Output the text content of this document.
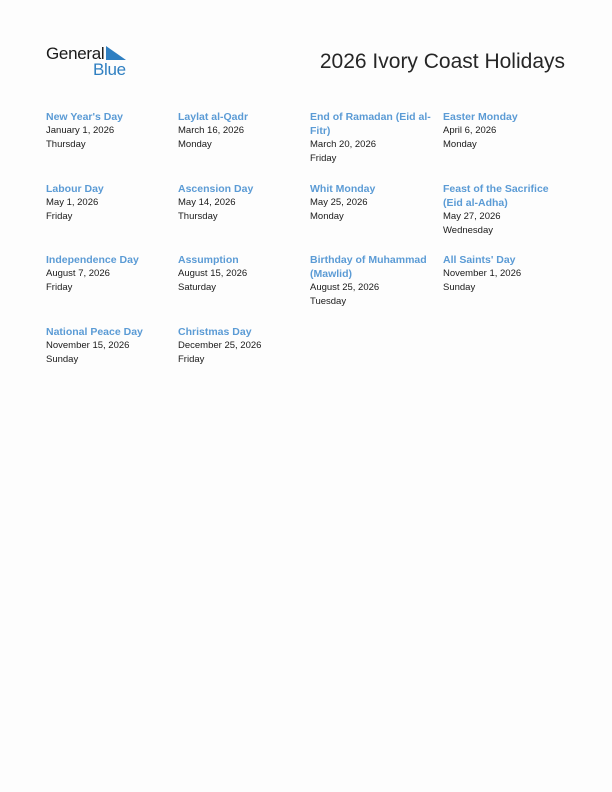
General
Blue	2026 Ivory Coast Holidays
New Year's Day
January 1, 2026
Thursday
Laylat al-Qadr
March 16, 2026
Monday
End of Ramadan (Eid al-Fitr)
March 20, 2026
Friday
Easter Monday
April 6, 2026
Monday
Labour Day
May 1, 2026
Friday
Ascension Day
May 14, 2026
Thursday
Whit Monday
May 25, 2026
Monday
Feast of the Sacrifice (Eid al-Adha)
May 27, 2026
Wednesday
Independence Day
August 7, 2026
Friday
Assumption
August 15, 2026
Saturday
Birthday of Muhammad (Mawlid)
August 25, 2026
Tuesday
All Saints' Day
November 1, 2026
Sunday
National Peace Day
November 15, 2026
Sunday
Christmas Day
December 25, 2026
Friday
